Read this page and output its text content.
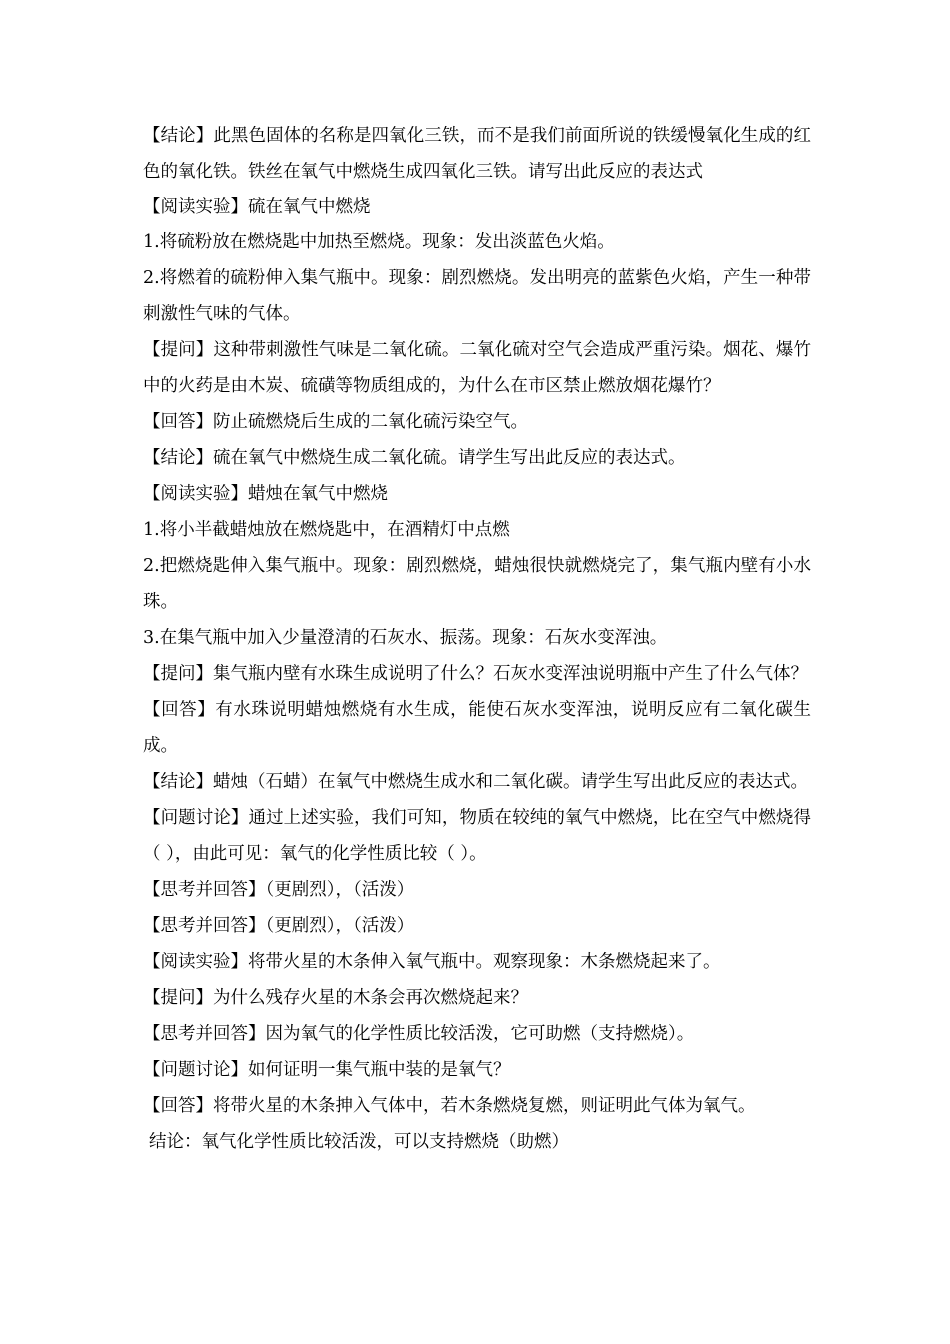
【结论】此黑色固体的名称是四氧化三铁，而不是我们前面所说的铁缓慢氧化生成的红色的氧化铁。铁丝在氧气中燃烧生成四氧化三铁。请写出此反应的表达式

【阅读实验】硫在氧气中燃烧

1.将硫粉放在燃烧匙中加热至燃烧。现象：发出淡蓝色火焰。

2.将燃着的硫粉伸入集气瓶中。现象：剧烈燃烧。发出明亮的蓝紫色火焰，产生一种带刺激性气味的气体。

【提问】这种带刺激性气味是二氧化硫。二氧化硫对空气会造成严重污染。烟花、爆竹中的火药是由木炭、硫磺等物质组成的，为什么在市区禁止燃放烟花爆竹？

【回答】防止硫燃烧后生成的二氧化硫污染空气。

【结论】硫在氧气中燃烧生成二氧化硫。请学生写出此反应的表达式。

【阅读实验】蜡烛在氧气中燃烧

1.将小半截蜡烛放在燃烧匙中，在酒精灯中点燃

2.把燃烧匙伸入集气瓶中。现象：剧烈燃烧，蜡烛很快就燃烧完了，集气瓶内壁有小水珠。

3.在集气瓶中加入少量澄清的石灰水、振荡。现象：石灰水变浑浊。

【提问】集气瓶内壁有水珠生成说明了什么？石灰水变浑浊说明瓶中产生了什么气体？

【回答】有水珠说明蜡烛燃烧有水生成，能使石灰水变浑浊，说明反应有二氧化碳生成。

【结论】蜡烛（石蜡）在氧气中燃烧生成水和二氧化碳。请学生写出此反应的表达式。

【问题讨论】通过上述实验，我们可知，物质在较纯的氧气中燃烧，比在空气中燃烧得（ ），由此可见：氧气的化学性质比较（ ）。

【思考并回答】（更剧烈），（活泼）

【思考并回答】（更剧烈），（活泼）

【阅读实验】将带火星的木条伸入氧气瓶中。观察现象：木条燃烧起来了。

【提问】为什么残存火星的木条会再次燃烧起来？

【思考并回答】因为氧气的化学性质比较活泼，它可助燃（支持燃烧）。

【问题讨论】如何证明一集气瓶中装的是氧气？

【回答】将带火星的木条抻入气体中，若木条燃烧复燃，则证明此气体为氧气。

结论：氧气化学性质比较活泼，可以支持燃烧（助燃）
